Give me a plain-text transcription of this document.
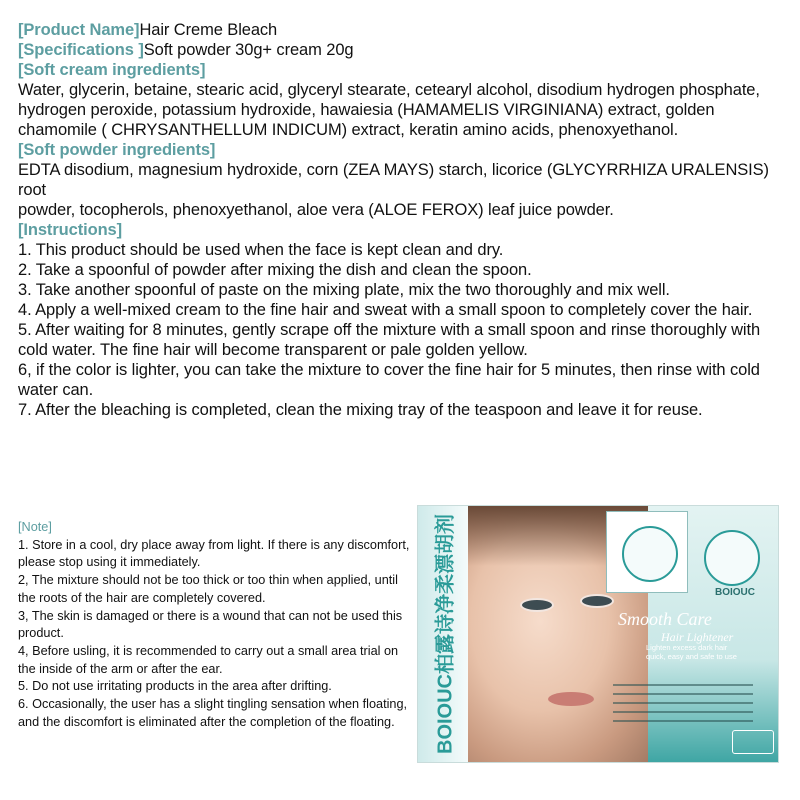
[Product Name]Hair Creme Bleach

[Specifications ]Soft powder 30g+ cream 20g

[Soft cream ingredients]

Water, glycerin, betaine, stearic acid, glyceryl stearate, cetearyl alcohol, disodium hydrogen phosphate, hydrogen peroxide, potassium hydroxide, hawaiesia (HAMAMELIS VIRGINIANA) extract, golden chamomile ( CHRYSANTHELLUM INDICUM) extract, keratin amino acids, phenoxyethanol.

[Soft powder ingredients]

EDTA disodium, magnesium hydroxide, corn (ZEA MAYS) starch, licorice (GLYCYRRHIZA URALENSIS) root

powder, tocopherols, phenoxyethanol, aloe vera (ALOE FEROX) leaf juice powder.

[Instructions]

1. This product should be used when the face is kept clean and dry.

2. Take a spoonful of powder after mixing the dish and clean the spoon.

3. Take another spoonful of paste on the mixing plate, mix the two thoroughly and mix well.

4. Apply a well-mixed cream to the fine hair and sweat with a small spoon to completely cover the hair.

5. After waiting for 8 minutes, gently scrape off the mixture with a small spoon and rinse thoroughly with cold water. The fine hair will become transparent or pale golden yellow.

6, if the color is lighter, you can take the mixture to cover the fine hair for 5 minutes, then rinse with cold water can.

7. After the bleaching is completed, clean the mixing tray of the teaspoon and leave it for reuse.

[Note]

1. Store in a cool, dry place away from light. If there is any discomfort, please stop using it immediately.

2, The mixture should not be too thick or too thin when applied, until the roots of the hair are completely covered.

3, The skin is damaged or there is a wound that can not be used this product.

4, Before usling, it is recommended to carry out a small area trial on the inside of the arm or after the ear.

5. Do not use irritating products in the area after drifting.

6. Occasionally, the user has a slight tingling sensation when floating, and the discomfort is eliminated after the completion of the floating.	BOIOUC柏露诗净柔漂胡剂	BOIOUC
Smooth Care
Hair Lightener
Lighten excess dark hair quick, easy and safe to use
